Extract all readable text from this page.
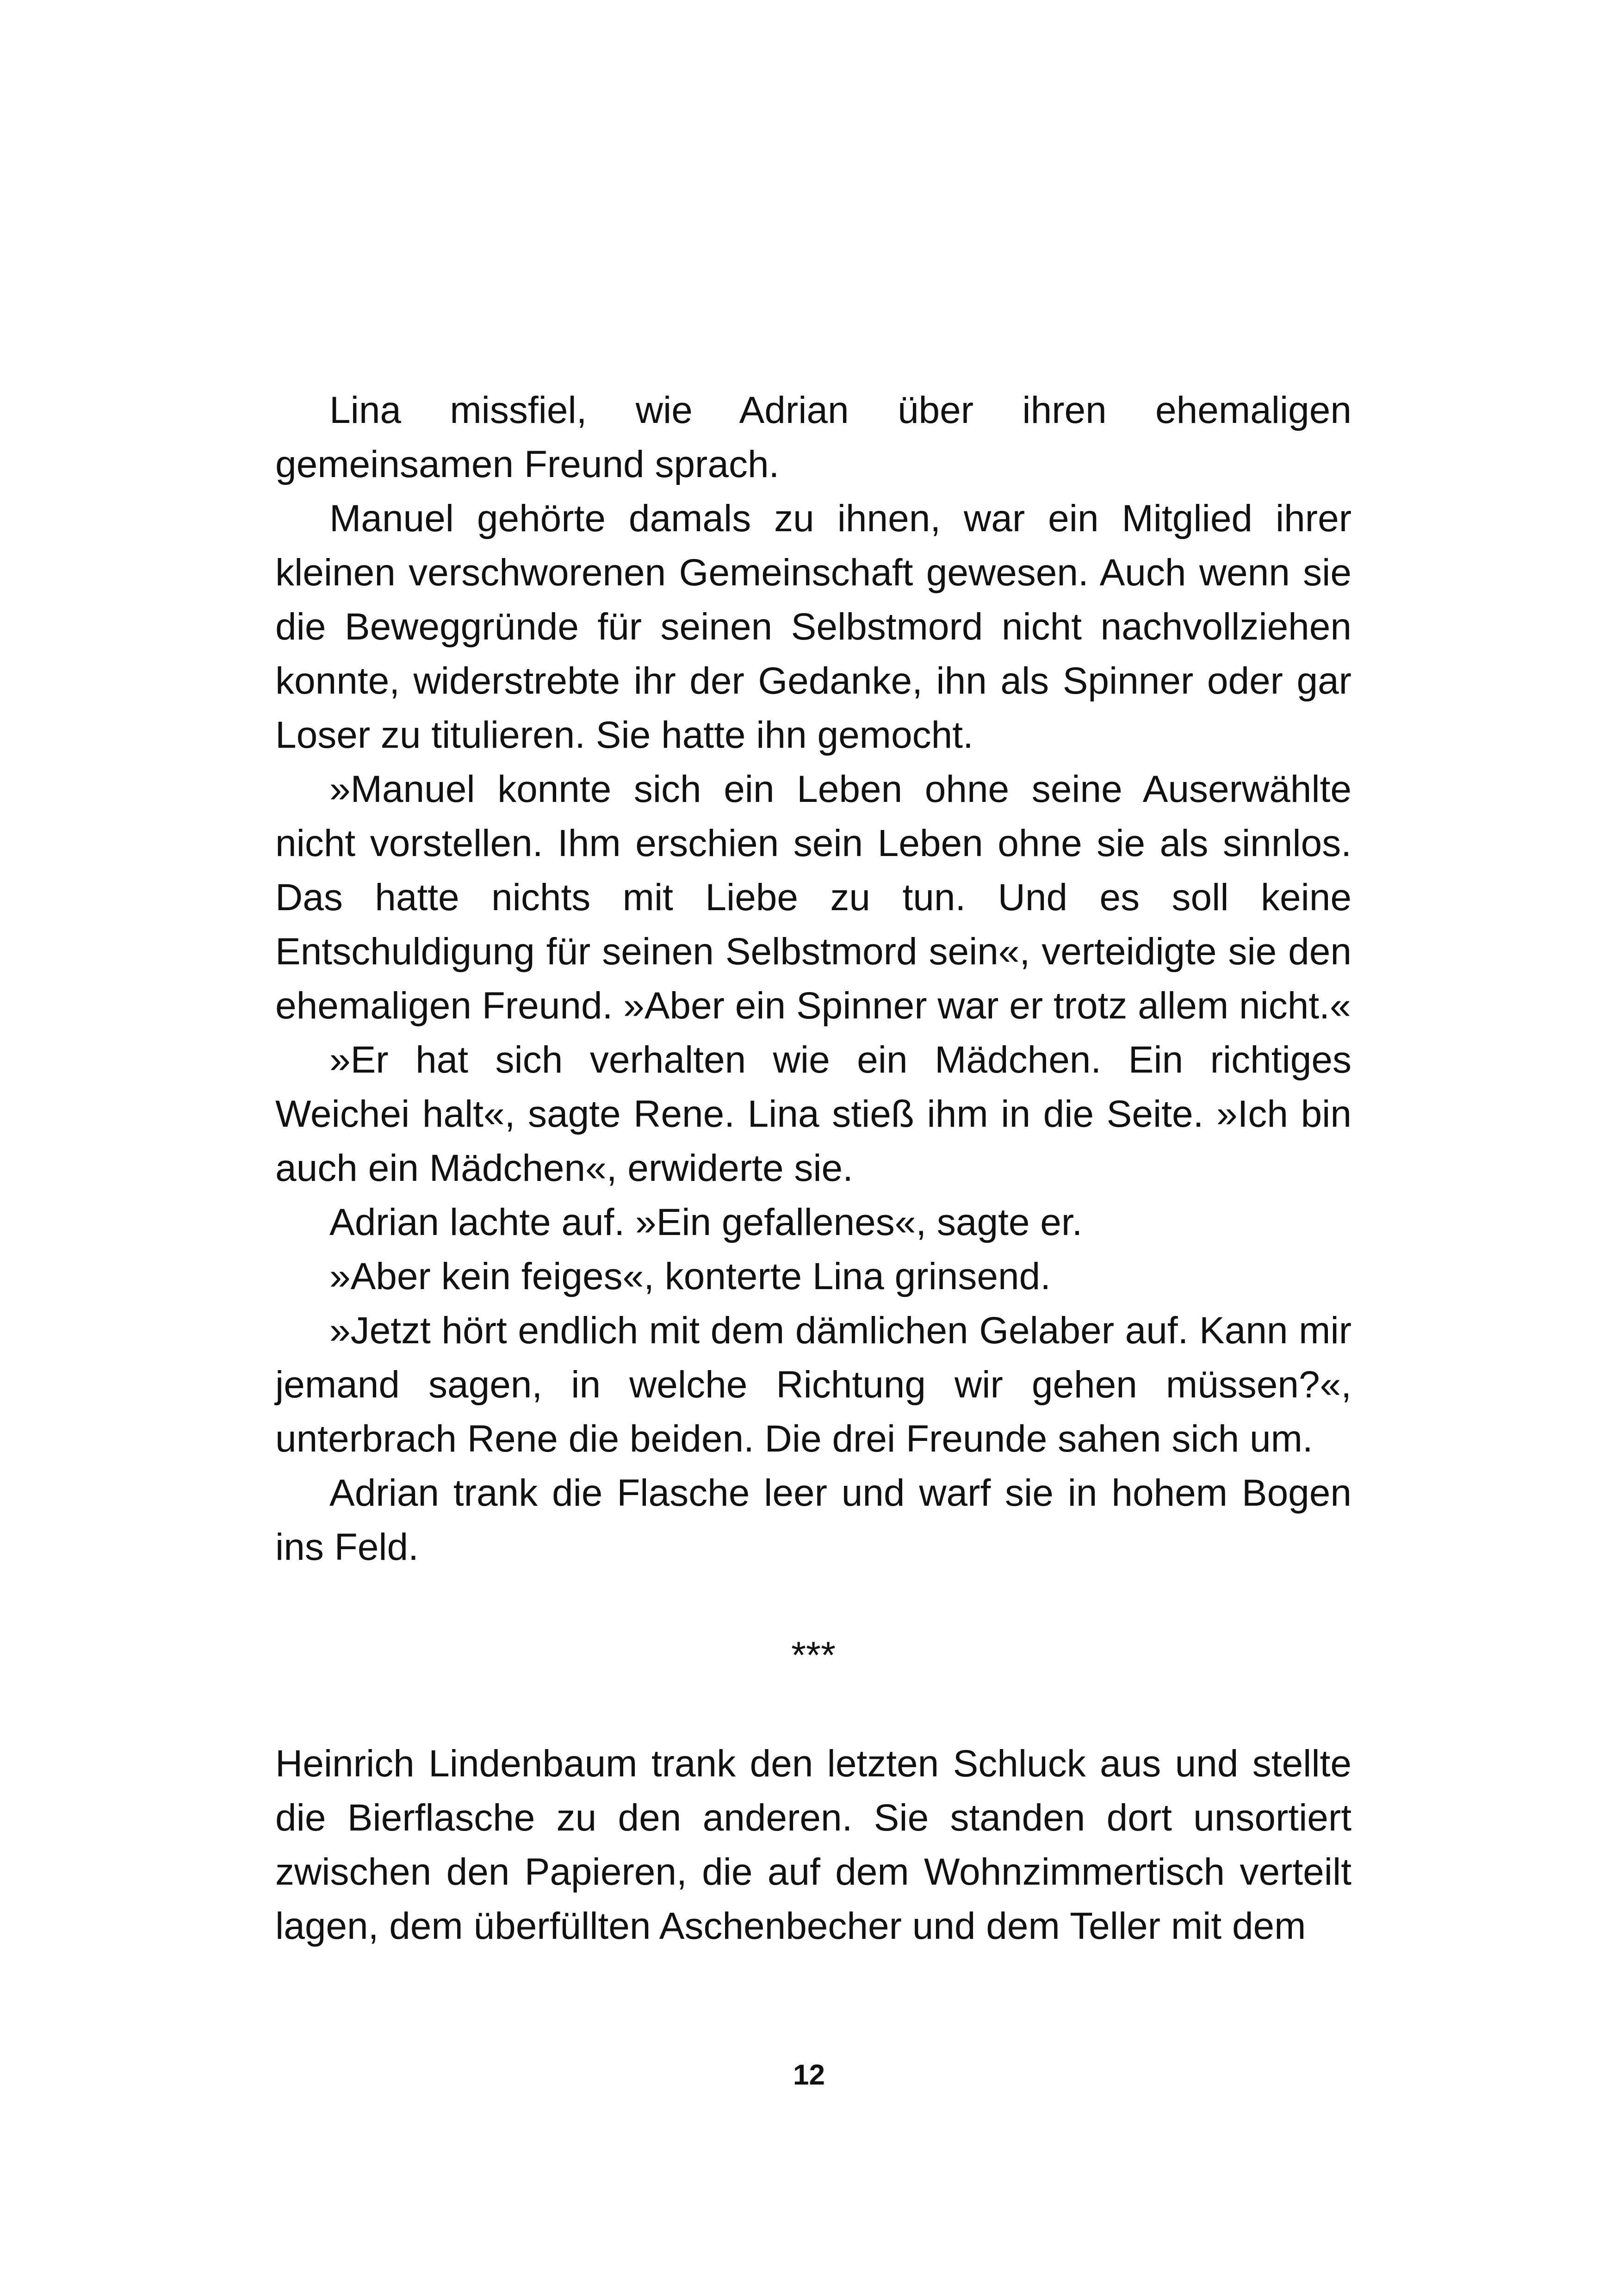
Lina missfiel, wie Adrian über ihren ehemaligen gemeinsamen Freund sprach.

Manuel gehörte damals zu ihnen, war ein Mitglied ihrer kleinen verschworenen Gemeinschaft gewesen. Auch wenn sie die Beweggründe für seinen Selbstmord nicht nachvollziehen konnte, widerstrebte ihr der Gedanke, ihn als Spinner oder gar Loser zu titulieren. Sie hatte ihn gemocht.

»Manuel konnte sich ein Leben ohne seine Auserwählte nicht vorstellen. Ihm erschien sein Leben ohne sie als sinnlos. Das hatte nichts mit Liebe zu tun. Und es soll keine Entschuldigung für seinen Selbstmord sein«, verteidigte sie den ehemaligen Freund. »Aber ein Spinner war er trotz allem nicht.«

»Er hat sich verhalten wie ein Mädchen. Ein richtiges Weichei halt«, sagte Rene. Lina stieß ihm in die Seite. »Ich bin auch ein Mädchen«, erwiderte sie.

Adrian lachte auf. »Ein gefallenes«, sagte er.

»Aber kein feiges«, konterte Lina grinsend.

»Jetzt hört endlich mit dem dämlichen Gelaber auf. Kann mir jemand sagen, in welche Richtung wir gehen müssen?«, unterbrach Rene die beiden. Die drei Freunde sahen sich um.

Adrian trank die Flasche leer und warf sie in hohem Bogen ins Feld.

***

Heinrich Lindenbaum trank den letzten Schluck aus und stellte die Bierflasche zu den anderen. Sie standen dort unsortiert zwischen den Papieren, die auf dem Wohnzimmertisch verteilt lagen, dem überfüllten Aschenbecher und dem Teller mit dem

12
